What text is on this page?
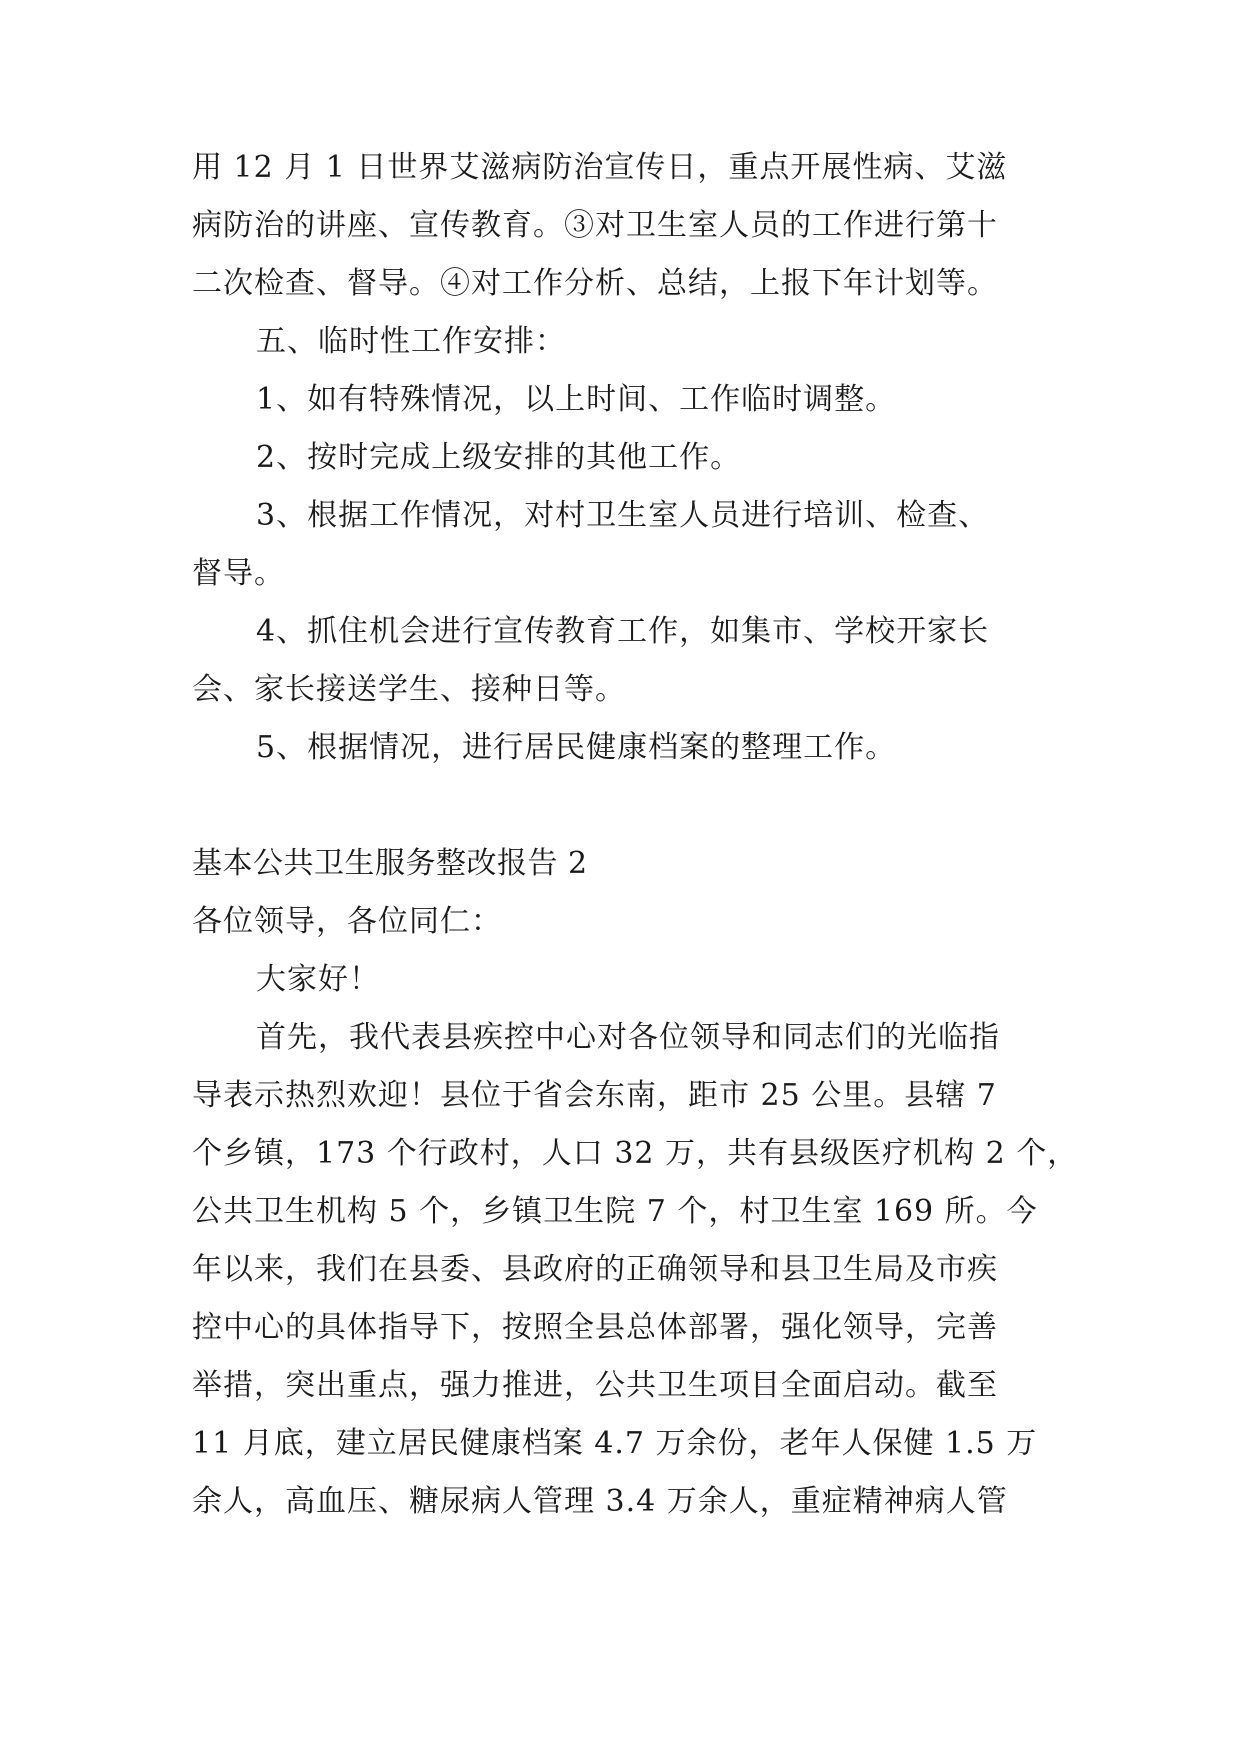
用 12 月 1 日世界艾滋病防治宣传日，重点开展性病、艾滋
病防治的讲座、宣传教育。③对卫生室人员的工作进行第十
二次检查、督导。④对工作分析、总结，上报下年计划等。
五、临时性工作安排：
1、如有特殊情况，以上时间、工作临时调整。
2、按时完成上级安排的其他工作。
3、根据工作情况，对村卫生室人员进行培训、检查、
督导。
4、抓住机会进行宣传教育工作，如集市、学校开家长
会、家长接送学生、接种日等。
5、根据情况，进行居民健康档案的整理工作。
基本公共卫生服务整改报告 2
各位领导，各位同仁：
大家好！
首先，我代表县疾控中心对各位领导和同志们的光临指
导表示热烈欢迎！县位于省会东南，距市 25 公里。县辖 7
个乡镇，173 个行政村，人口 32 万，共有县级医疗机构 2 个，
公共卫生机构 5 个，乡镇卫生院 7 个，村卫生室 169 所。今
年以来，我们在县委、县政府的正确领导和县卫生局及市疾
控中心的具体指导下，按照全县总体部署，强化领导，完善
举措，突出重点，强力推进，公共卫生项目全面启动。截至
11 月底，建立居民健康档案 4.7 万余份，老年人保健 1.5 万
余人，高血压、糖尿病人管理 3.4 万余人，重症精神病人管
